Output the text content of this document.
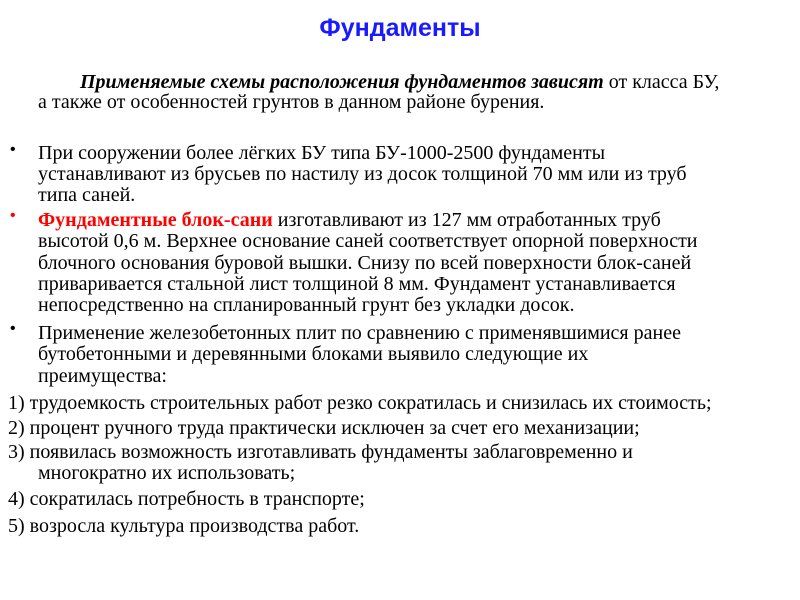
Фундаменты
Применяемые схемы расположения фундаментов зависят от класса БУ,
а также от особенностей грунтов в данном районе бурения.
• При сооружении более лёгких БУ типа БУ-1000-2500 фундаменты
устанавливают из брусьев по настилу из досок толщиной 70 мм или из труб
типа саней.
• Фундаментные блок-сани изготавливают из 127 мм отработанных труб
высотой 0,6 м. Верхнее основание саней соответствует опорной поверхности
блочного основания буровой вышки. Снизу по всей поверхности блок-саней
приваривается стальной лист толщиной 8 мм. Фундамент устанавливается
непосредственно на спланированный грунт без укладки досок.
• Применение железобетонных плит по сравнению с применявшимися ранее
бутобетонными и деревянными блоками выявило следующие их
преимущества:
1) трудоемкость строительных работ резко сократилась и снизилась их стоимость;
2) процент ручного труда практически исключен за счет его механизации;
3) появилась возможность изготавливать фундаменты заблаговременно и
многократно их использовать;
4) сократилась потребность в транспорте;
5) возросла культура производства работ.
